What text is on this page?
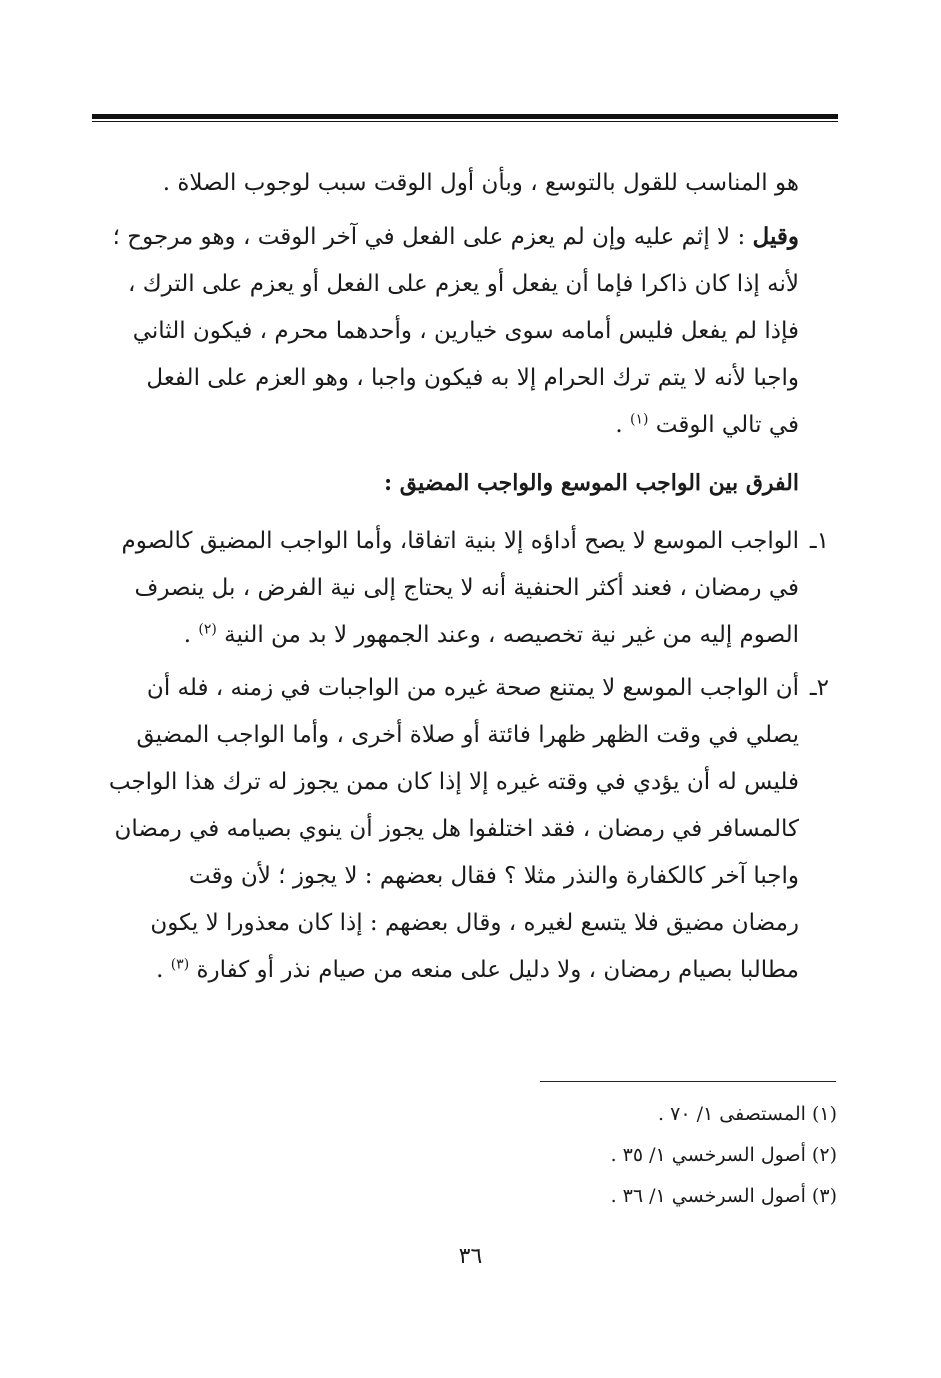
هو المناسب للقول بالتوسع ، وبأن أول الوقت سبب لوجوب الصلاة .
وقيل : لا إثم عليه وإن لم يعزم على الفعل في آخر الوقت ، وهو مرجوح ؛
لأنه إذا كان ذاكرا فإما أن يفعل أو يعزم على الفعل أو يعزم على الترك ،
فإذا لم يفعل فليس أمامه سوى خيارين ، وأحدهما محرم ، فيكون الثاني
واجبا لأنه لا يتم ترك الحرام إلا به فيكون واجبا ، وهو العزم على الفعل
في تالي الوقت $^{(١)}$ .
الفرق بين الواجب الموسع والواجب المضيق :
١ـ
الواجب الموسع لا يصح أداؤه إلا بنية اتفاقا، وأما الواجب المضيق كالصوم
في رمضان ، فعند أكثر الحنفية أنه لا يحتاج إلى نية الفرض ، بل ينصرف
الصوم إليه من غير نية تخصيصه ، وعند الجمهور لا بد من النية $^{(٢)}$ .
٢ـ
أن الواجب الموسع لا يمتنع صحة غيره من الواجبات في زمنه ، فله أن
يصلي في وقت الظهر ظهرا فائتة أو صلاة أخرى ، وأما الواجب المضيق
فليس له أن يؤدي في وقته غيره إلا إذا كان ممن يجوز له ترك هذا الواجب
كالمسافر في رمضان ، فقد اختلفوا هل يجوز أن ينوي بصيامه في رمضان
واجبا آخر كالكفارة والنذر مثلا ؟ فقال بعضهم : لا يجوز ؛ لأن وقت
رمضان مضيق فلا يتسع لغيره ، وقال بعضهم : إذا كان معذورا لا يكون
مطالبا بصيام رمضان ، ولا دليل على منعه من صيام نذر أو كفارة $^{(٣)}$ .
(١) المستصفى ١/ ٧٠ .
(٢) أصول السرخسي ١/ ٣٥ .
(٣) أصول السرخسي ١/ ٣٦ .
٣٦
